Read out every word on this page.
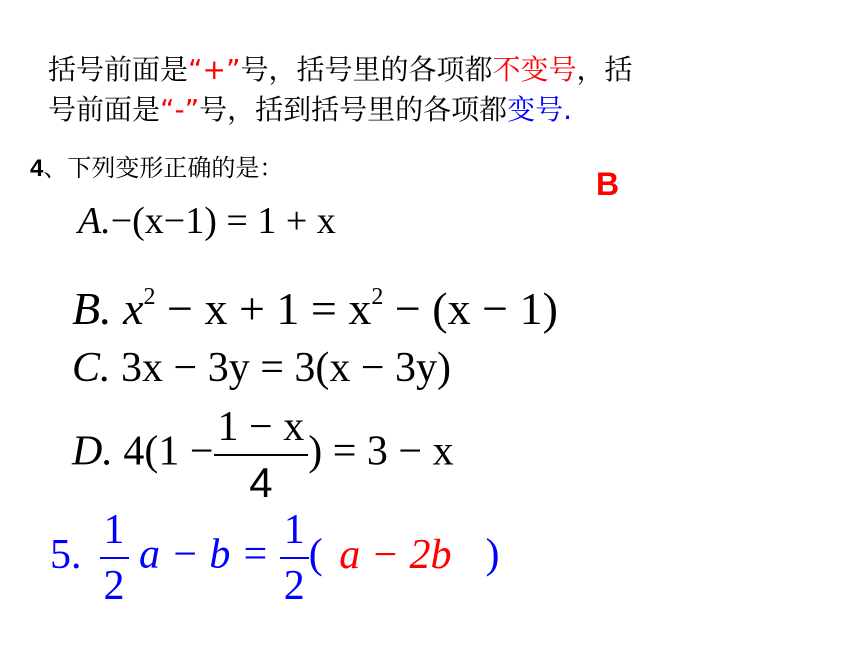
括号前面是“+”号，括号里的各项都不变号，括
号前面是“-”号，括到括号里的各项都变号.
4、下列变形正确的是：	B
A.−(x−1) = 1 + x
B. $x^2 - x + 1 = x^2 - (x - 1)$
C. 3x − 3y = 3(x − 3y)
D. $4(1 - \frac{1 - x}{4}$ ) = 3 − x
5. $\frac{1}{2}$ $a - b = \frac{1}{2}$ ( a − 2b )
